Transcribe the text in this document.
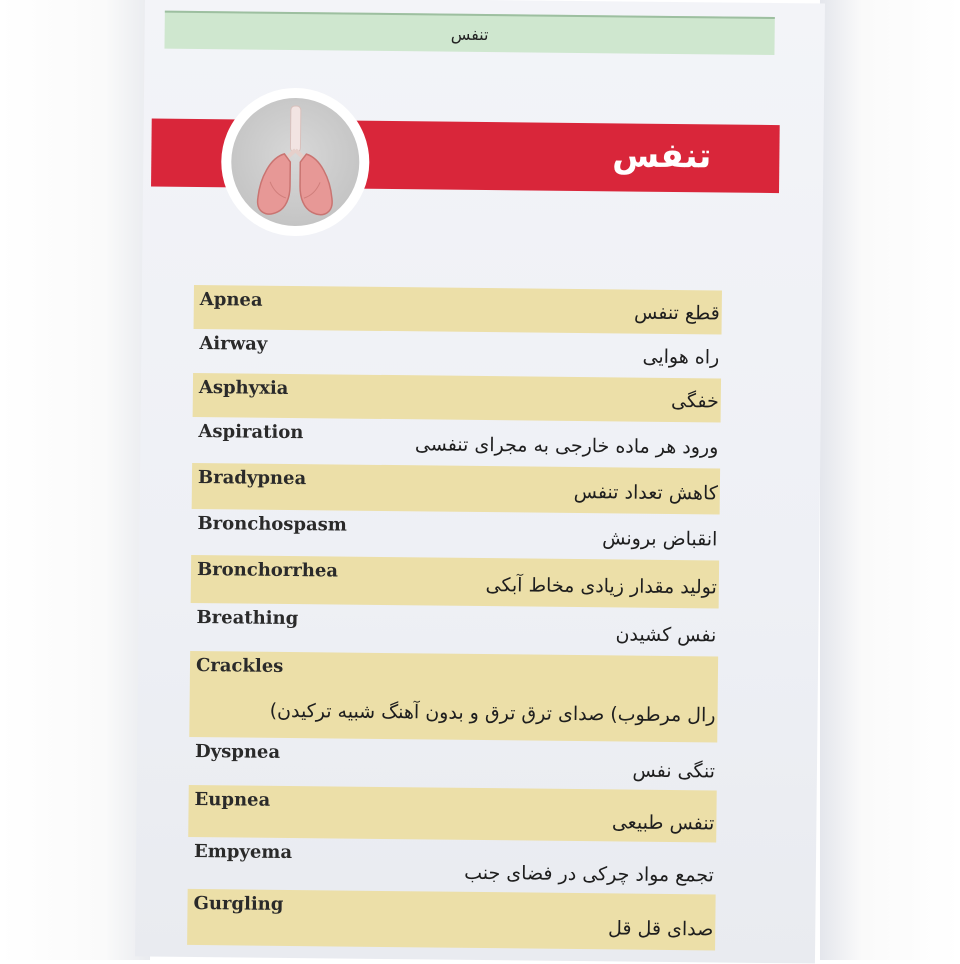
تنفس
تنفس
Apnea
قطع تنفس
Airway
راه هوایی
Asphyxia
خفگی
Aspiration
ورود هر ماده خارجی به مجرای تنفسی
Bradypnea
کاهش تعداد تنفس
Bronchospasm
انقباض برونش
Bronchorrhea
تولید مقدار زیادی مخاط آبکی
Breathing
نفس کشیدن
Crackles
رال مرطوب) صدای ترق ترق و بدون آهنگ شبیه ترکیدن)
Dyspnea
تنگی نفس
Eupnea
تنفس طبیعی
Empyema
تجمع مواد چرکی در فضای جنب
Gurgling
صدای قل قل
